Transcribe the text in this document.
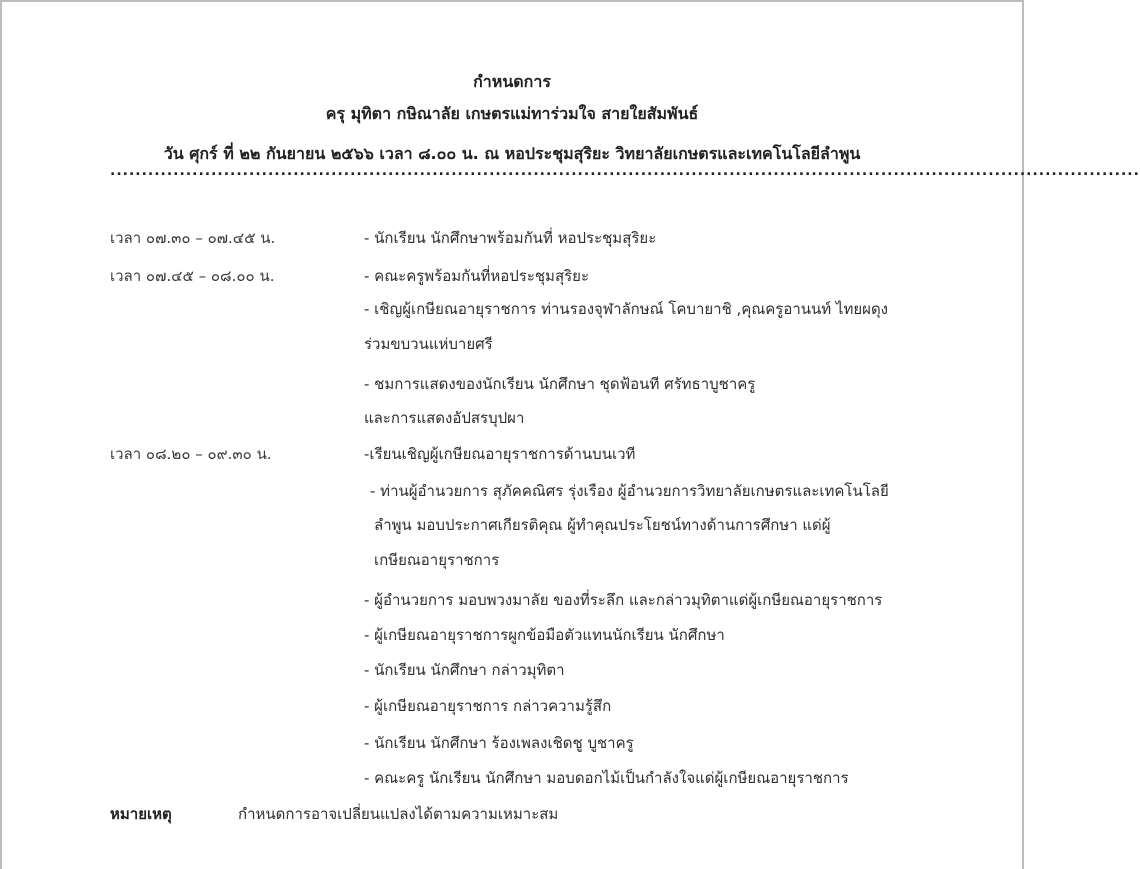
กำหนดการ
ครุ มุทิตา กษิณาลัย เกษตรแม่ทาร่วมใจ สายใยสัมพันธ์
วัน ศุกร์ ที่ ๒๒ กันยายน ๒๕๖๖ เวลา ๘.๐๐ น. ณ หอประชุมสุริยะ วิทยาลัยเกษตรและเทคโนโลยีลำพูน
...................................................................................................................................................................
เวลา ๐๗.๓๐ – ๐๗.๔๕ น.
เวลา ๐๗.๔๕ – ๐๘.๐๐ น.
เวลา ๐๘.๒๐ – ๐๙.๓๐ น.
- นักเรียน นักศึกษาพร้อมกันที่ หอประชุมสุริยะ
- คณะครูพร้อมกันที่หอประชุมสุริยะ
- เชิญผู้เกษียณอายุราชการ ท่านรองจุฬาลักษณ์ โคบายาชิ ,คุณครูอานนท์ ไทยผดุง
ร่วมขบวนแห่บายศรี
- ชมการแสดงของนักเรียน นักศึกษา ชุดฟ้อนที ศรัทธาบูชาครู
และการแสดงอัปสรบุปผา
-เรียนเชิญผู้เกษียณอายุราชการด้านบนเวที
- ท่านผู้อำนวยการ สุภัคคณิศร รุ่งเรือง ผู้อำนวยการวิทยาลัยเกษตรและเทคโนโลยี
ลำพูน มอบประกาศเกียรติคุณ ผู้ทำคุณประโยชน์ทางด้านการศึกษา แด่ผู้
เกษียณอายุราชการ
- ผู้อำนวยการ มอบพวงมาลัย ของที่ระลึก และกล่าวมุทิตาแด่ผู้เกษียณอายุราชการ
- ผู้เกษียณอายุราชการผูกข้อมือตัวแทนนักเรียน นักศึกษา
- นักเรียน นักศึกษา กล่าวมุทิตา
- ผู้เกษียณอายุราชการ กล่าวความรู้สึก
- นักเรียน นักศึกษา ร้องเพลงเชิดชู บูชาครู
- คณะครู นักเรียน นักศึกษา มอบดอกไม้เป็นกำลังใจแด่ผู้เกษียณอายุราชการ
หมายเหตุ	กำหนดการอาจเปลี่ยนแปลงได้ตามความเหมาะสม
